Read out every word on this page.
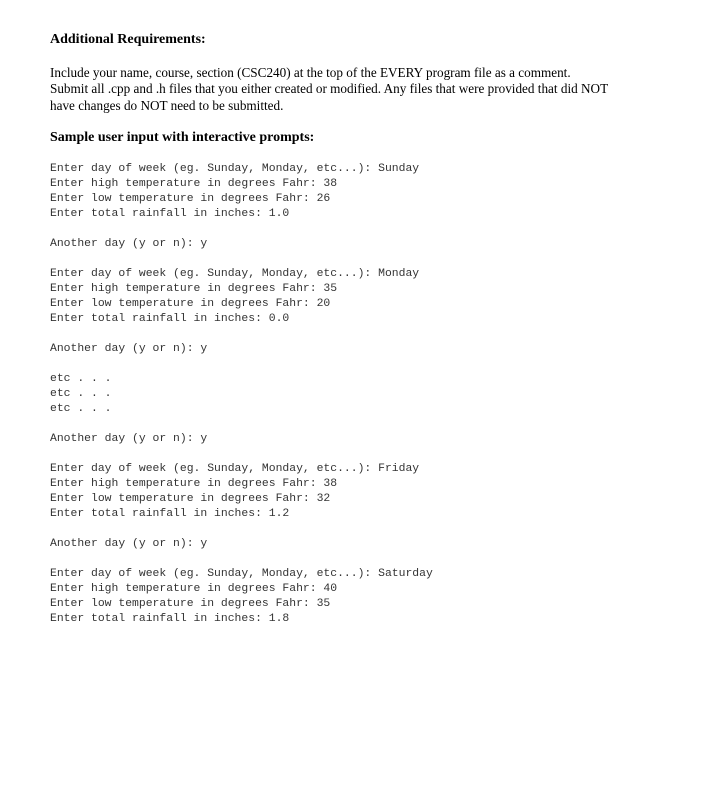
Additional Requirements:

Include your name, course, section (CSC240) at the top of the EVERY program file as a comment.
Submit all .cpp and .h files that you either created or modified. Any files that were provided that did NOT
have changes do NOT need to be submitted.

Sample user input with interactive prompts:
Enter day of week (eg. Sunday, Monday, etc...): Sunday
Enter high temperature in degrees Fahr: 38
Enter low temperature in degrees Fahr: 26
Enter total rainfall in inches: 1.0
Another day (y or n): y
Enter day of week (eg. Sunday, Monday, etc...): Monday
Enter high temperature in degrees Fahr: 35
Enter low temperature in degrees Fahr: 20
Enter total rainfall in inches: 0.0
Another day (y or n): y
etc . . .
etc . . .
etc . . .
Another day (y or n): y
Enter day of week (eg. Sunday, Monday, etc...): Friday
Enter high temperature in degrees Fahr: 38
Enter low temperature in degrees Fahr: 32
Enter total rainfall in inches: 1.2
Another day (y or n): y
Enter day of week (eg. Sunday, Monday, etc...): Saturday
Enter high temperature in degrees Fahr: 40
Enter low temperature in degrees Fahr: 35
Enter total rainfall in inches: 1.8
